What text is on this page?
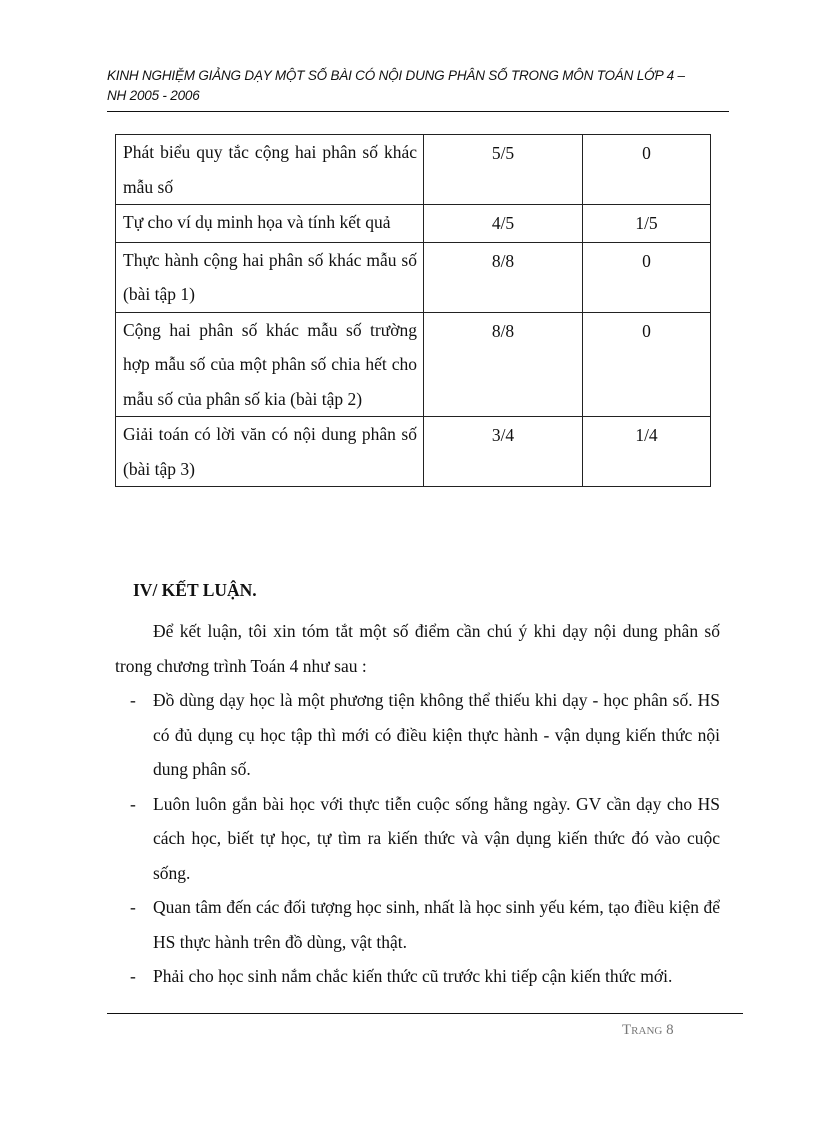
KINH NGHIỆM GIẢNG DẠY MỘT SỐ BÀI CÓ NỘI DUNG PHÂN SỐ TRONG MÔN TOÁN LỚP 4 –
NH 2005 - 2006
Phát biểu quy tắc cộng hai phân số khác mẫu số	5/5	0
Tự cho ví dụ minh họa và tính kết quả	4/5	1/5
Thực hành cộng hai phân số khác mẫu số (bài tập 1)	8/8	0
Cộng hai phân số khác mẫu số trường hợp mẫu số của một phân số chia hết cho mẫu số của phân số kia (bài tập 2)	8/8	0
Giải toán có lời văn có nội dung phân số (bài tập 3)	3/4	1/4
IV/ KẾT LUẬN.
Để kết luận, tôi xin tóm tắt một số điểm cần chú ý khi dạy nội dung phân số trong chương trình Toán 4 như sau :
- Đồ dùng dạy học là một phương tiện không thể thiếu khi dạy - học phân số. HS có đủ dụng cụ học tập thì mới có điều kiện thực hành - vận dụng kiến thức nội dung phân số.
- Luôn luôn gắn bài học với thực tiễn cuộc sống hằng ngày. GV cần dạy cho HS cách học, biết tự học, tự tìm ra kiến thức và vận dụng kiến thức đó vào cuộc sống.
- Quan tâm đến các đối tượng học sinh, nhất là học sinh yếu kém, tạo điều kiện để HS thực hành trên đồ dùng, vật thật.
- Phải cho học sinh nắm chắc kiến thức cũ trước khi tiếp cận kiến thức mới.
Trang 8
